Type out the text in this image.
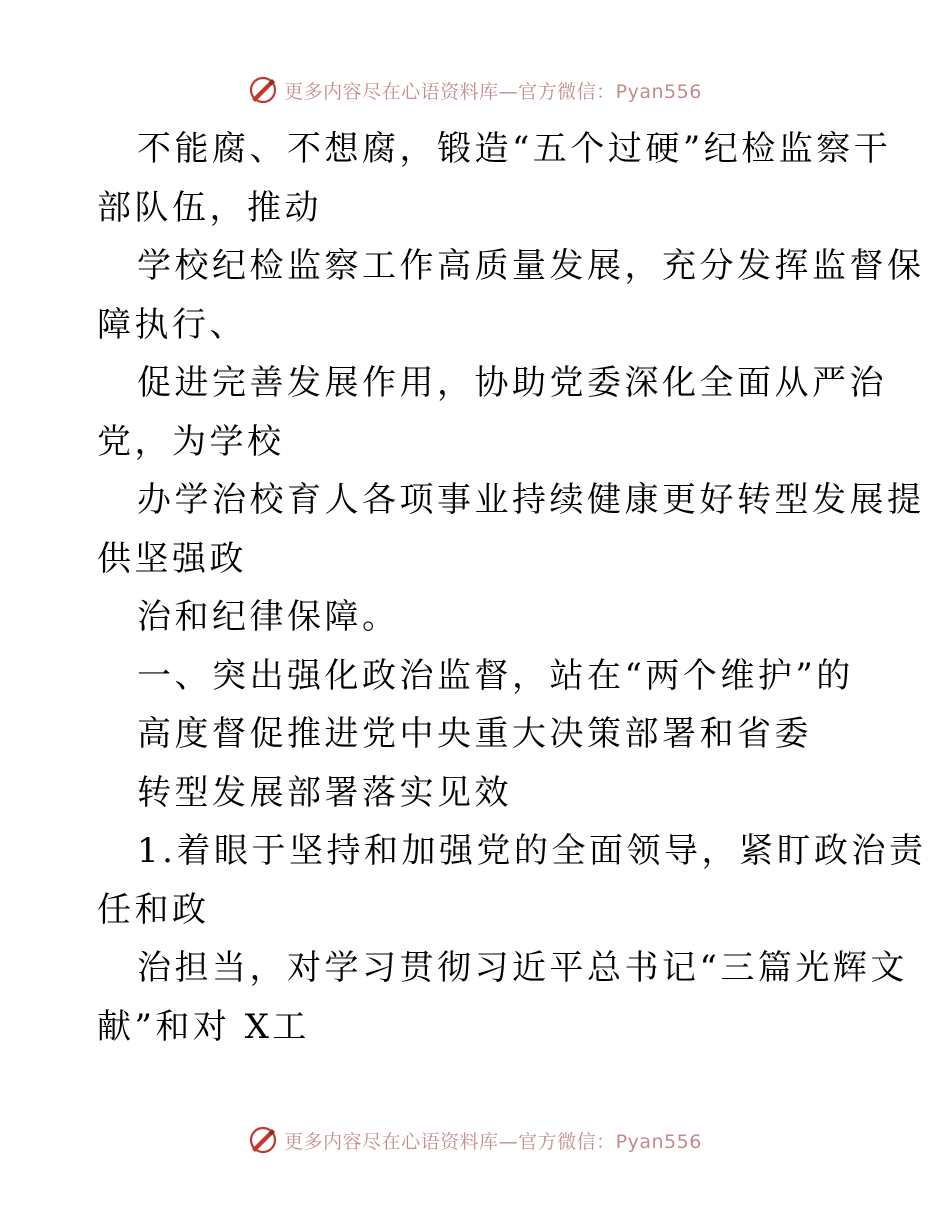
更多内容尽在心语资料库—官方微信：Pyan556
不能腐、不想腐，锻造“五个过硬”纪检监察干
部队伍，推动
学校纪检监察工作高质量发展，充分发挥监督保
障执行、
促进完善发展作用，协助党委深化全面从严治
党，为学校
办学治校育人各项事业持续健康更好转型发展提
供坚强政
治和纪律保障。
一、突出强化政治监督，站在“两个维护”的
高度督促推进党中央重大决策部署和省委
转型发展部署落实见效
1.着眼于坚持和加强党的全面领导，紧盯政治责
任和政
治担当，对学习贯彻习近平总书记“三篇光辉文
献”和对 X工
更多内容尽在心语资料库—官方微信：Pyan556
